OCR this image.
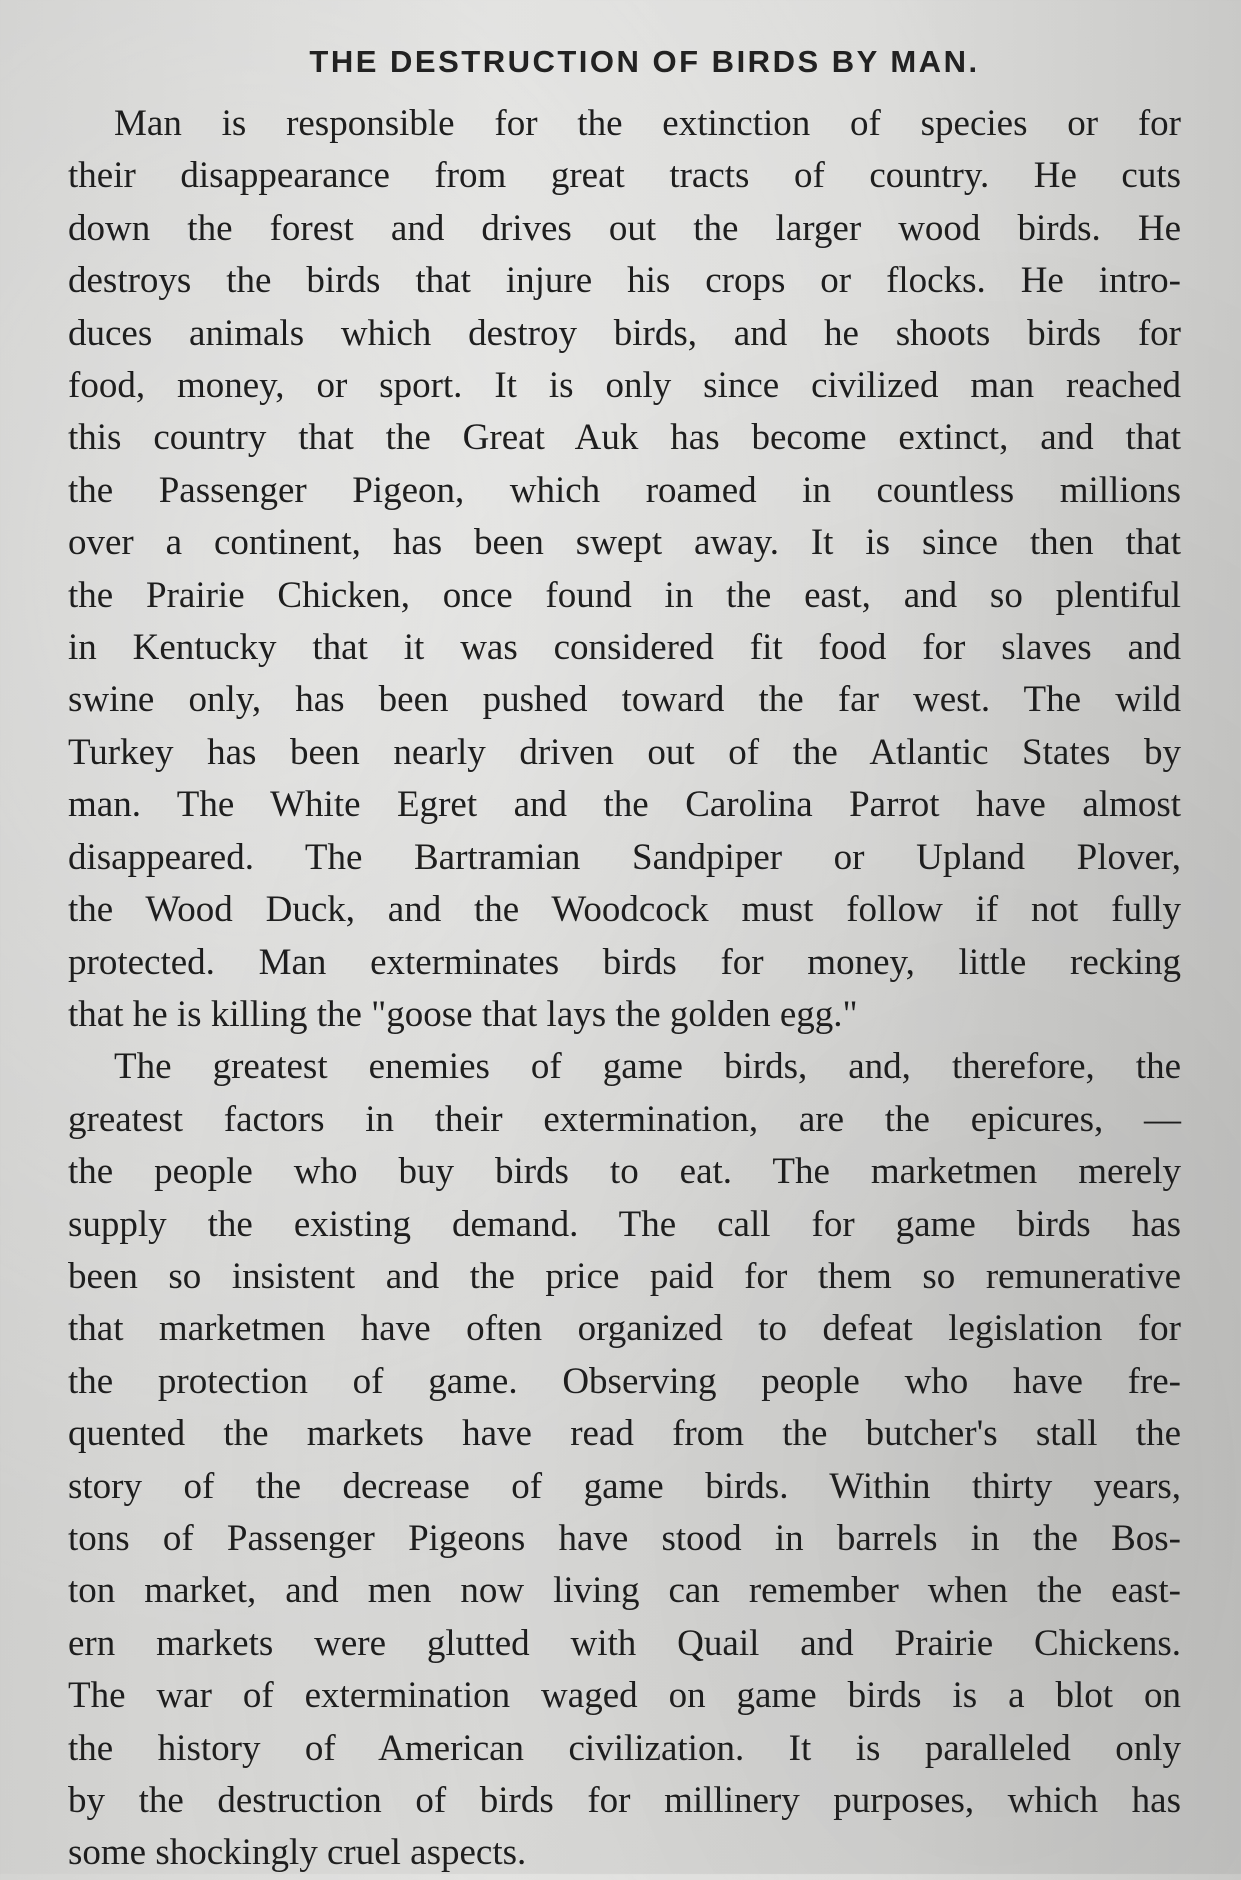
THE DESTRUCTION OF BIRDS BY MAN.
Man is responsible for the extinction of species or for
their disappearance from great tracts of country. He cuts
down the forest and drives out the larger wood birds. He
destroys the birds that injure his crops or flocks. He intro-
duces animals which destroy birds, and he shoots birds for
food, money, or sport. It is only since civilized man reached
this country that the Great Auk has become extinct, and that
the Passenger Pigeon, which roamed in countless millions
over a continent, has been swept away. It is since then that
the Prairie Chicken, once found in the east, and so plentiful
in Kentucky that it was considered fit food for slaves and
swine only, has been pushed toward the far west. The wild
Turkey has been nearly driven out of the Atlantic States by
man. The White Egret and the Carolina Parrot have almost
disappeared. The Bartramian Sandpiper or Upland Plover,
the Wood Duck, and the Woodcock must follow if not fully
protected. Man exterminates birds for money, little recking
that he is killing the "goose that lays the golden egg."
The greatest enemies of game birds, and, therefore, the
greatest factors in their extermination, are the epicures, —
the people who buy birds to eat. The marketmen merely
supply the existing demand. The call for game birds has
been so insistent and the price paid for them so remunerative
that marketmen have often organized to defeat legislation for
the protection of game. Observing people who have fre-
quented the markets have read from the butcher's stall the
story of the decrease of game birds. Within thirty years,
tons of Passenger Pigeons have stood in barrels in the Bos-
ton market, and men now living can remember when the east-
ern markets were glutted with Quail and Prairie Chickens.
The war of extermination waged on game birds is a blot on
the history of American civilization. It is paralleled only
by the destruction of birds for millinery purposes, which has
some shockingly cruel aspects.
